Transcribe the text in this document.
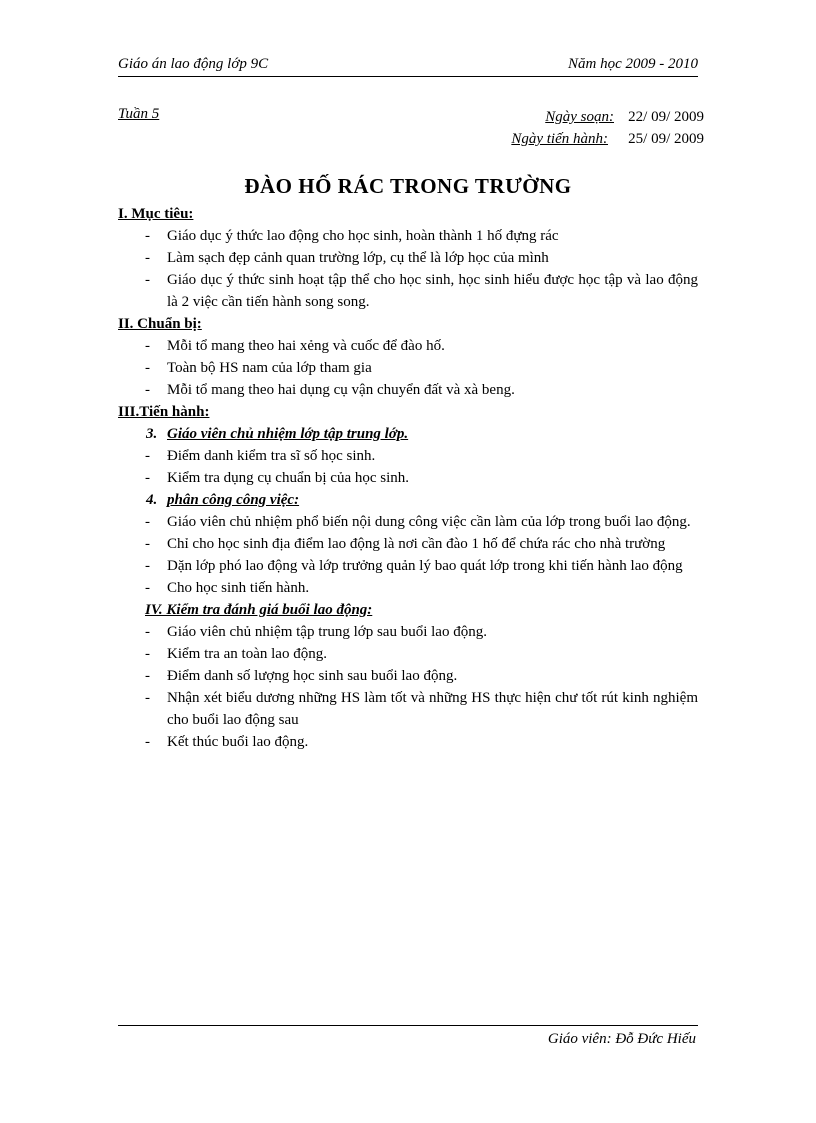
Giáo án lao động lớp 9C	Năm học 2009 - 2010
Tuần 5	Ngày soạn: 22/ 09/ 2009
Ngày tiến hành:	25/ 09/ 2009
ĐÀO HỐ RÁC TRONG TRƯỜNG
I. Mục tiêu:
- Giáo dục ý thức lao động cho học sinh, hoàn thành 1 hố đựng rác
- Làm sạch đẹp cảnh quan trường lớp, cụ thể là lớp học của mình
- Giáo dục ý thức sinh hoạt tập thể cho học sinh, học sinh hiểu được học tập và lao động là 2 việc cần tiến hành song song.
II. Chuẩn bị:
- Mỗi tổ mang theo hai xẻng và cuốc để đào hố.
- Toàn bộ HS nam của lớp tham gia
- Mỗi tổ mang theo hai dụng cụ vận chuyển đất và xà beng.
III.Tiến hành:
3. Giáo viên chủ nhiệm lớp tập trung lớp.
- Điểm danh kiểm tra sĩ số học sinh.
- Kiểm tra dụng cụ chuẩn bị của học sinh.
4. phân công công việc:
- Giáo viên chủ nhiệm phổ biến nội dung công việc cần làm của lớp trong buổi lao động.
- Chỉ cho học sinh địa điểm lao động là nơi cần đào 1 hố để chứa rác cho nhà trường
- Dặn lớp phó lao động và lớp trưởng quản lý bao quát lớp trong khi tiến hành lao động
- Cho học sinh tiến hành.
IV. Kiểm tra đánh giá buổi lao động:
- Giáo viên chủ nhiệm tập trung lớp sau buổi lao động.
- Kiểm tra an toàn lao động.
- Điểm danh số lượng học sinh sau buổi lao động.
- Nhận xét biểu dương những HS làm tốt và những HS thực hiện chư tốt rút kinh nghiệm cho buổi lao động sau
- Kết thúc buổi lao động.
Giáo viên: Đỗ Đức Hiếu
